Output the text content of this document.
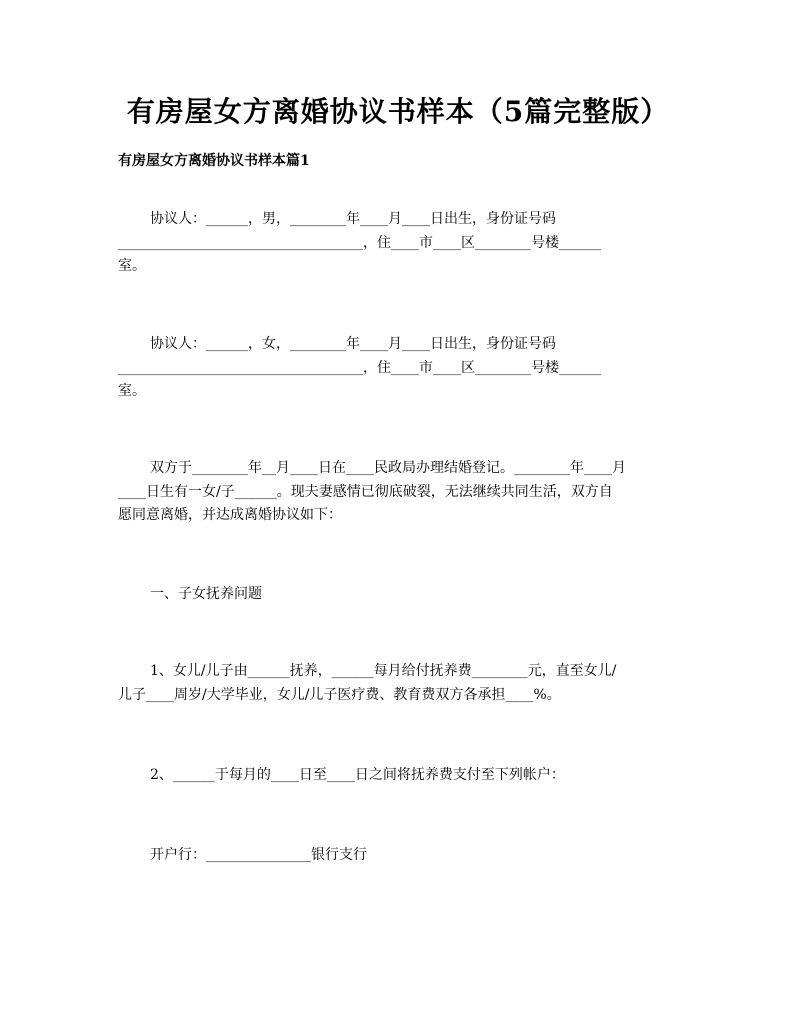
有房屋女方离婚协议书样本（5篇完整版）
有房屋女方离婚协议书样本篇1
协议人：______，男，________年____月____日出生，身份证号码
___________________________________，住____市____区________号楼______
室。
协议人：______，女，________年____月____日出生，身份证号码
___________________________________，住____市____区________号楼______
室。
双方于________年__月____日在____民政局办理结婚登记。________年____月
____日生有一女/子______。现夫妻感情已彻底破裂，无法继续共同生活，双方自
愿同意离婚，并达成离婚协议如下：
一、子女抚养问题
1、女儿/儿子由______抚养，______每月给付抚养费________元，直至女儿/
儿子____周岁/大学毕业，女儿/儿子医疗费、教育费双方各承担____%。
2、______于每月的____日至____日之间将抚养费支付至下列帐户：
开户行：_______________银行支行
